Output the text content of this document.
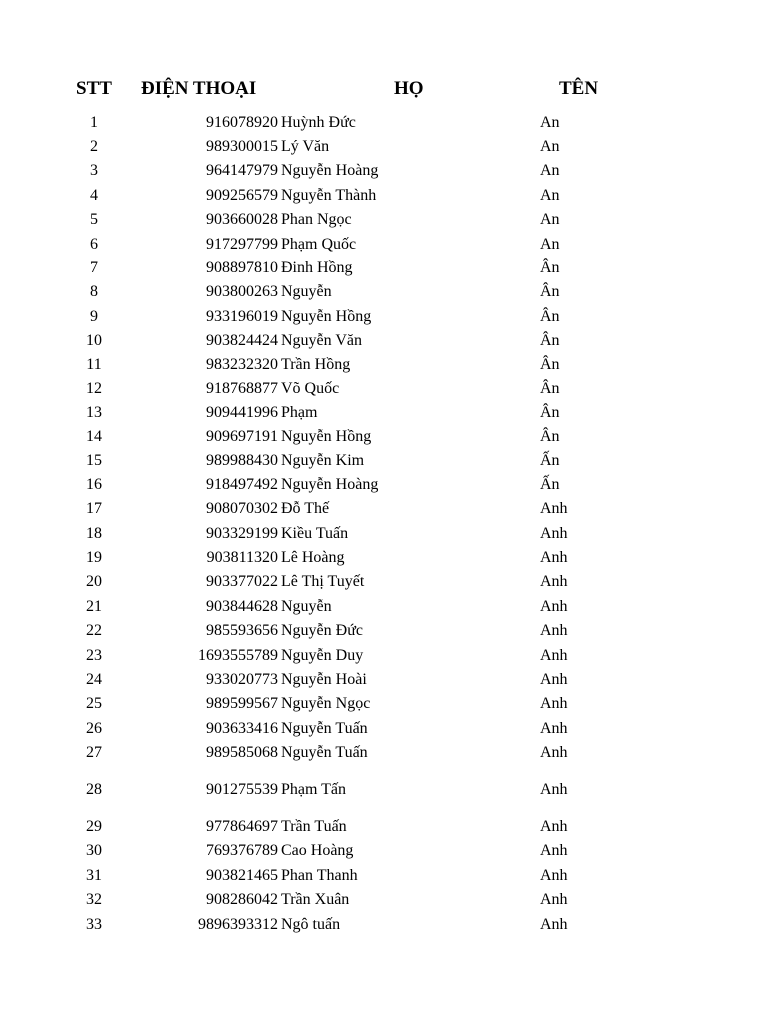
STT ĐIỆN THOẠI	HỌ	TÊN
1	916078920 Huỳnh Đức	An
2	989300015 Lý Văn	An
3	964147979 Nguyễn Hoàng	An
4	909256579 Nguyễn Thành	An
5	903660028 Phan Ngọc	An
6	917297799 Phạm Quốc	An
7	908897810 Đinh Hồng	Ân
8	903800263 Nguyễn	Ân
9	933196019 Nguyễn Hồng	Ân
10	903824424 Nguyễn Văn	Ân
11	983232320 Trần Hồng	Ân
12	918768877 Võ Quốc	Ân
13	909441996 Phạm	Ân
14	909697191 Nguyễn Hồng	Ân
15	989988430 Nguyễn Kim	Ấn
16	918497492 Nguyễn Hoàng	Ấn
17	908070302 Đỗ Thế	Anh
18	903329199 Kiều Tuấn	Anh
19	903811320 Lê Hoàng	Anh
20	903377022 Lê Thị Tuyết	Anh
21	903844628 Nguyễn	Anh
22	985593656 Nguyễn Đức	Anh
23	1693555789 Nguyễn Duy	Anh
24	933020773 Nguyễn Hoài	Anh
25	989599567 Nguyễn Ngọc	Anh
26	903633416 Nguyễn Tuấn	Anh
27	989585068 Nguyễn Tuấn	Anh
28	901275539 Phạm Tấn	Anh
29	977864697 Trần Tuấn	Anh
30	769376789 Cao Hoàng	Anh
31	903821465 Phan Thanh	Anh
32	908286042 Trần Xuân	Anh
33	9896393312 Ngô tuấn	Anh
